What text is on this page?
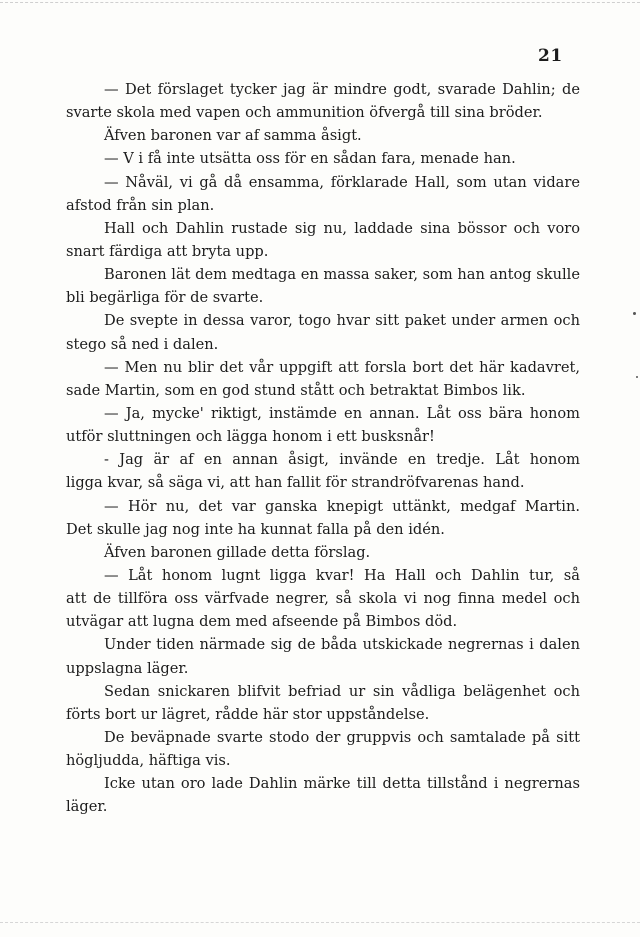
21
— Det förslaget tycker jag är mindre godt, svarade Dahlin; de
svarte skola med vapen och ammunition öfvergå till sina bröder.
Äfven baronen var af samma åsigt.
— V i få inte utsätta oss för en sådan fara, menade han.
— Nåväl, vi gå då ensamma, förklarade Hall, som utan vidare
afstod från sin plan.
Hall och Dahlin rustade sig nu, laddade sina bössor och voro
snart färdiga att bryta upp.
Baronen lät dem medtaga en massa saker, som han antog skulle
bli begärliga för de svarte.
De svepte in dessa varor, togo hvar sitt paket under armen och
stego så ned i dalen.
— Men nu blir det vår uppgift att forsla bort det här kadavret,
sade Martin, som en god stund stått och betraktat Bimbos lik.
— Ja, mycke' riktigt, instämde en annan. Låt oss bära honom
utför sluttningen och lägga honom i ett busksnår!
- Jag är af en annan åsigt, invände en tredje. Låt honom
ligga kvar, så säga vi, att han fallit för strandröfvarenas hand.
— Hör nu, det var ganska knepigt uttänkt, medgaf Martin.
Det skulle jag nog inte ha kunnat falla på den idén.
Äfven baronen gillade detta förslag.
— Låt honom lugnt ligga kvar! Ha Hall och Dahlin tur, så
att de tillföra oss värfvade negrer, så skola vi nog finna medel och
utvägar att lugna dem med afseende på Bimbos död.
Under tiden närmade sig de båda utskickade negrernas i dalen
uppslagna läger.
Sedan snickaren blifvit befriad ur sin vådliga belägenhet och
förts bort ur lägret, rådde här stor uppståndelse.
De beväpnade svarte stodo der gruppvis och samtalade på sitt
högljudda, häftiga vis.
Icke utan oro lade Dahlin märke till detta tillstånd i negrernas
läger.
